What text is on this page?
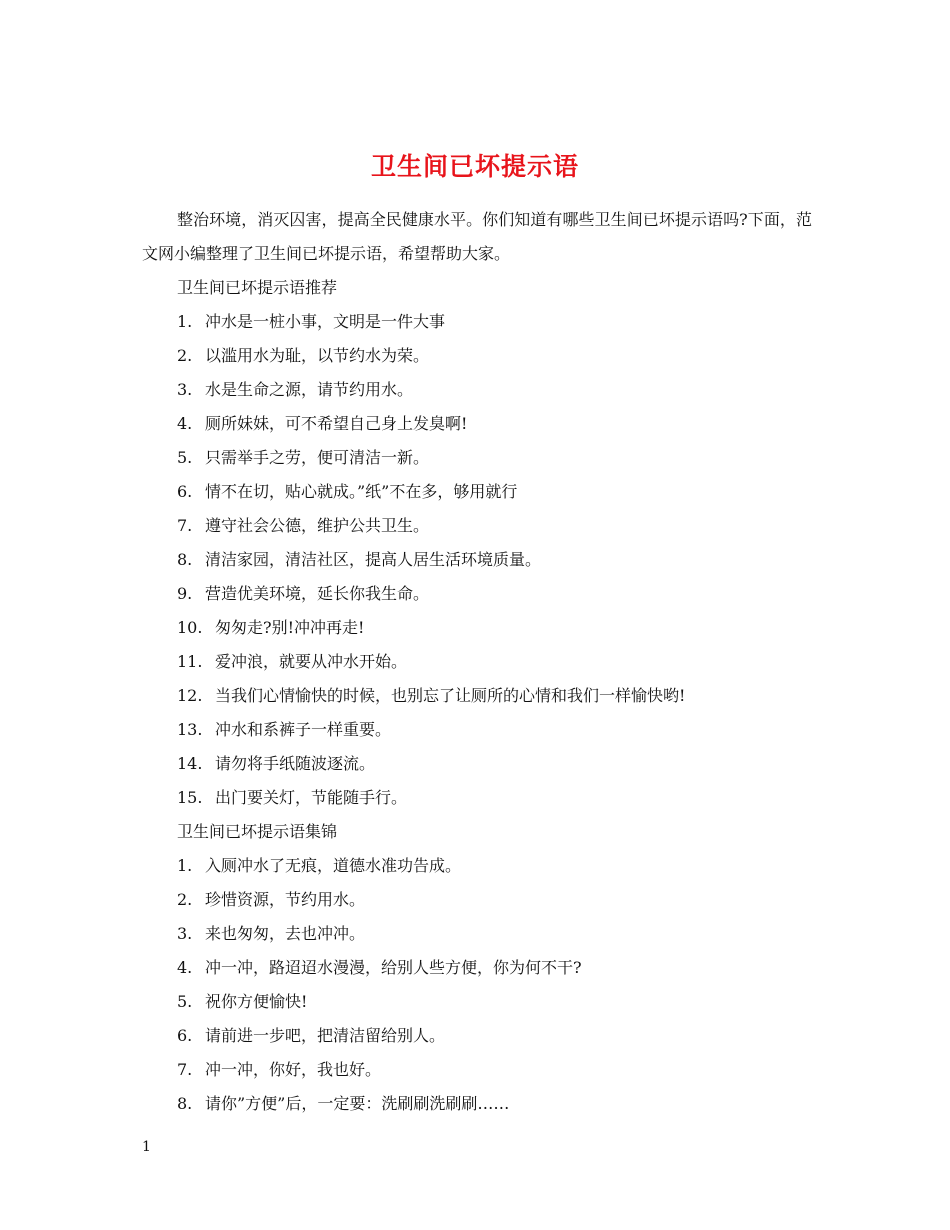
卫生间已坏提示语

整治环境，消灭囚害，提高全民健康水平。你们知道有哪些卫生间已坏提示语吗?下面，范文网小编整理了卫生间已坏提示语，希望帮助大家。

卫生间已坏提示语推荐

1. 冲水是一桩小事，文明是一件大事
2. 以滥用水为耻，以节约水为荣。
3. 水是生命之源，请节约用水。
4. 厕所妹妹，可不希望自己身上发臭啊!
5. 只需举手之劳，便可清洁一新。
6. 情不在切，贴心就成。”纸”不在多，够用就行
7. 遵守社会公德，维护公共卫生。
8. 清洁家园，清洁社区，提高人居生活环境质量。
9. 营造优美环境，延长你我生命。
10. 匆匆走?别!冲冲再走!
11. 爱冲浪，就要从冲水开始。
12. 当我们心情愉快的时候，也别忘了让厕所的心情和我们一样愉快哟!
13. 冲水和系裤子一样重要。
14. 请勿将手纸随波逐流。
15. 出门要关灯，节能随手行。

卫生间已坏提示语集锦

1. 入厕冲水了无痕，道德水准功告成。
2. 珍惜资源，节约用水。
3. 来也匆匆，去也冲冲。
4. 冲一冲，路迢迢水漫漫，给别人些方便，你为何不干?
5. 祝你方便愉快!
6. 请前进一步吧，把清洁留给别人。
7. 冲一冲，你好，我也好。
8. 请你”方便”后，一定要：洗刷刷洗刷刷……
1
